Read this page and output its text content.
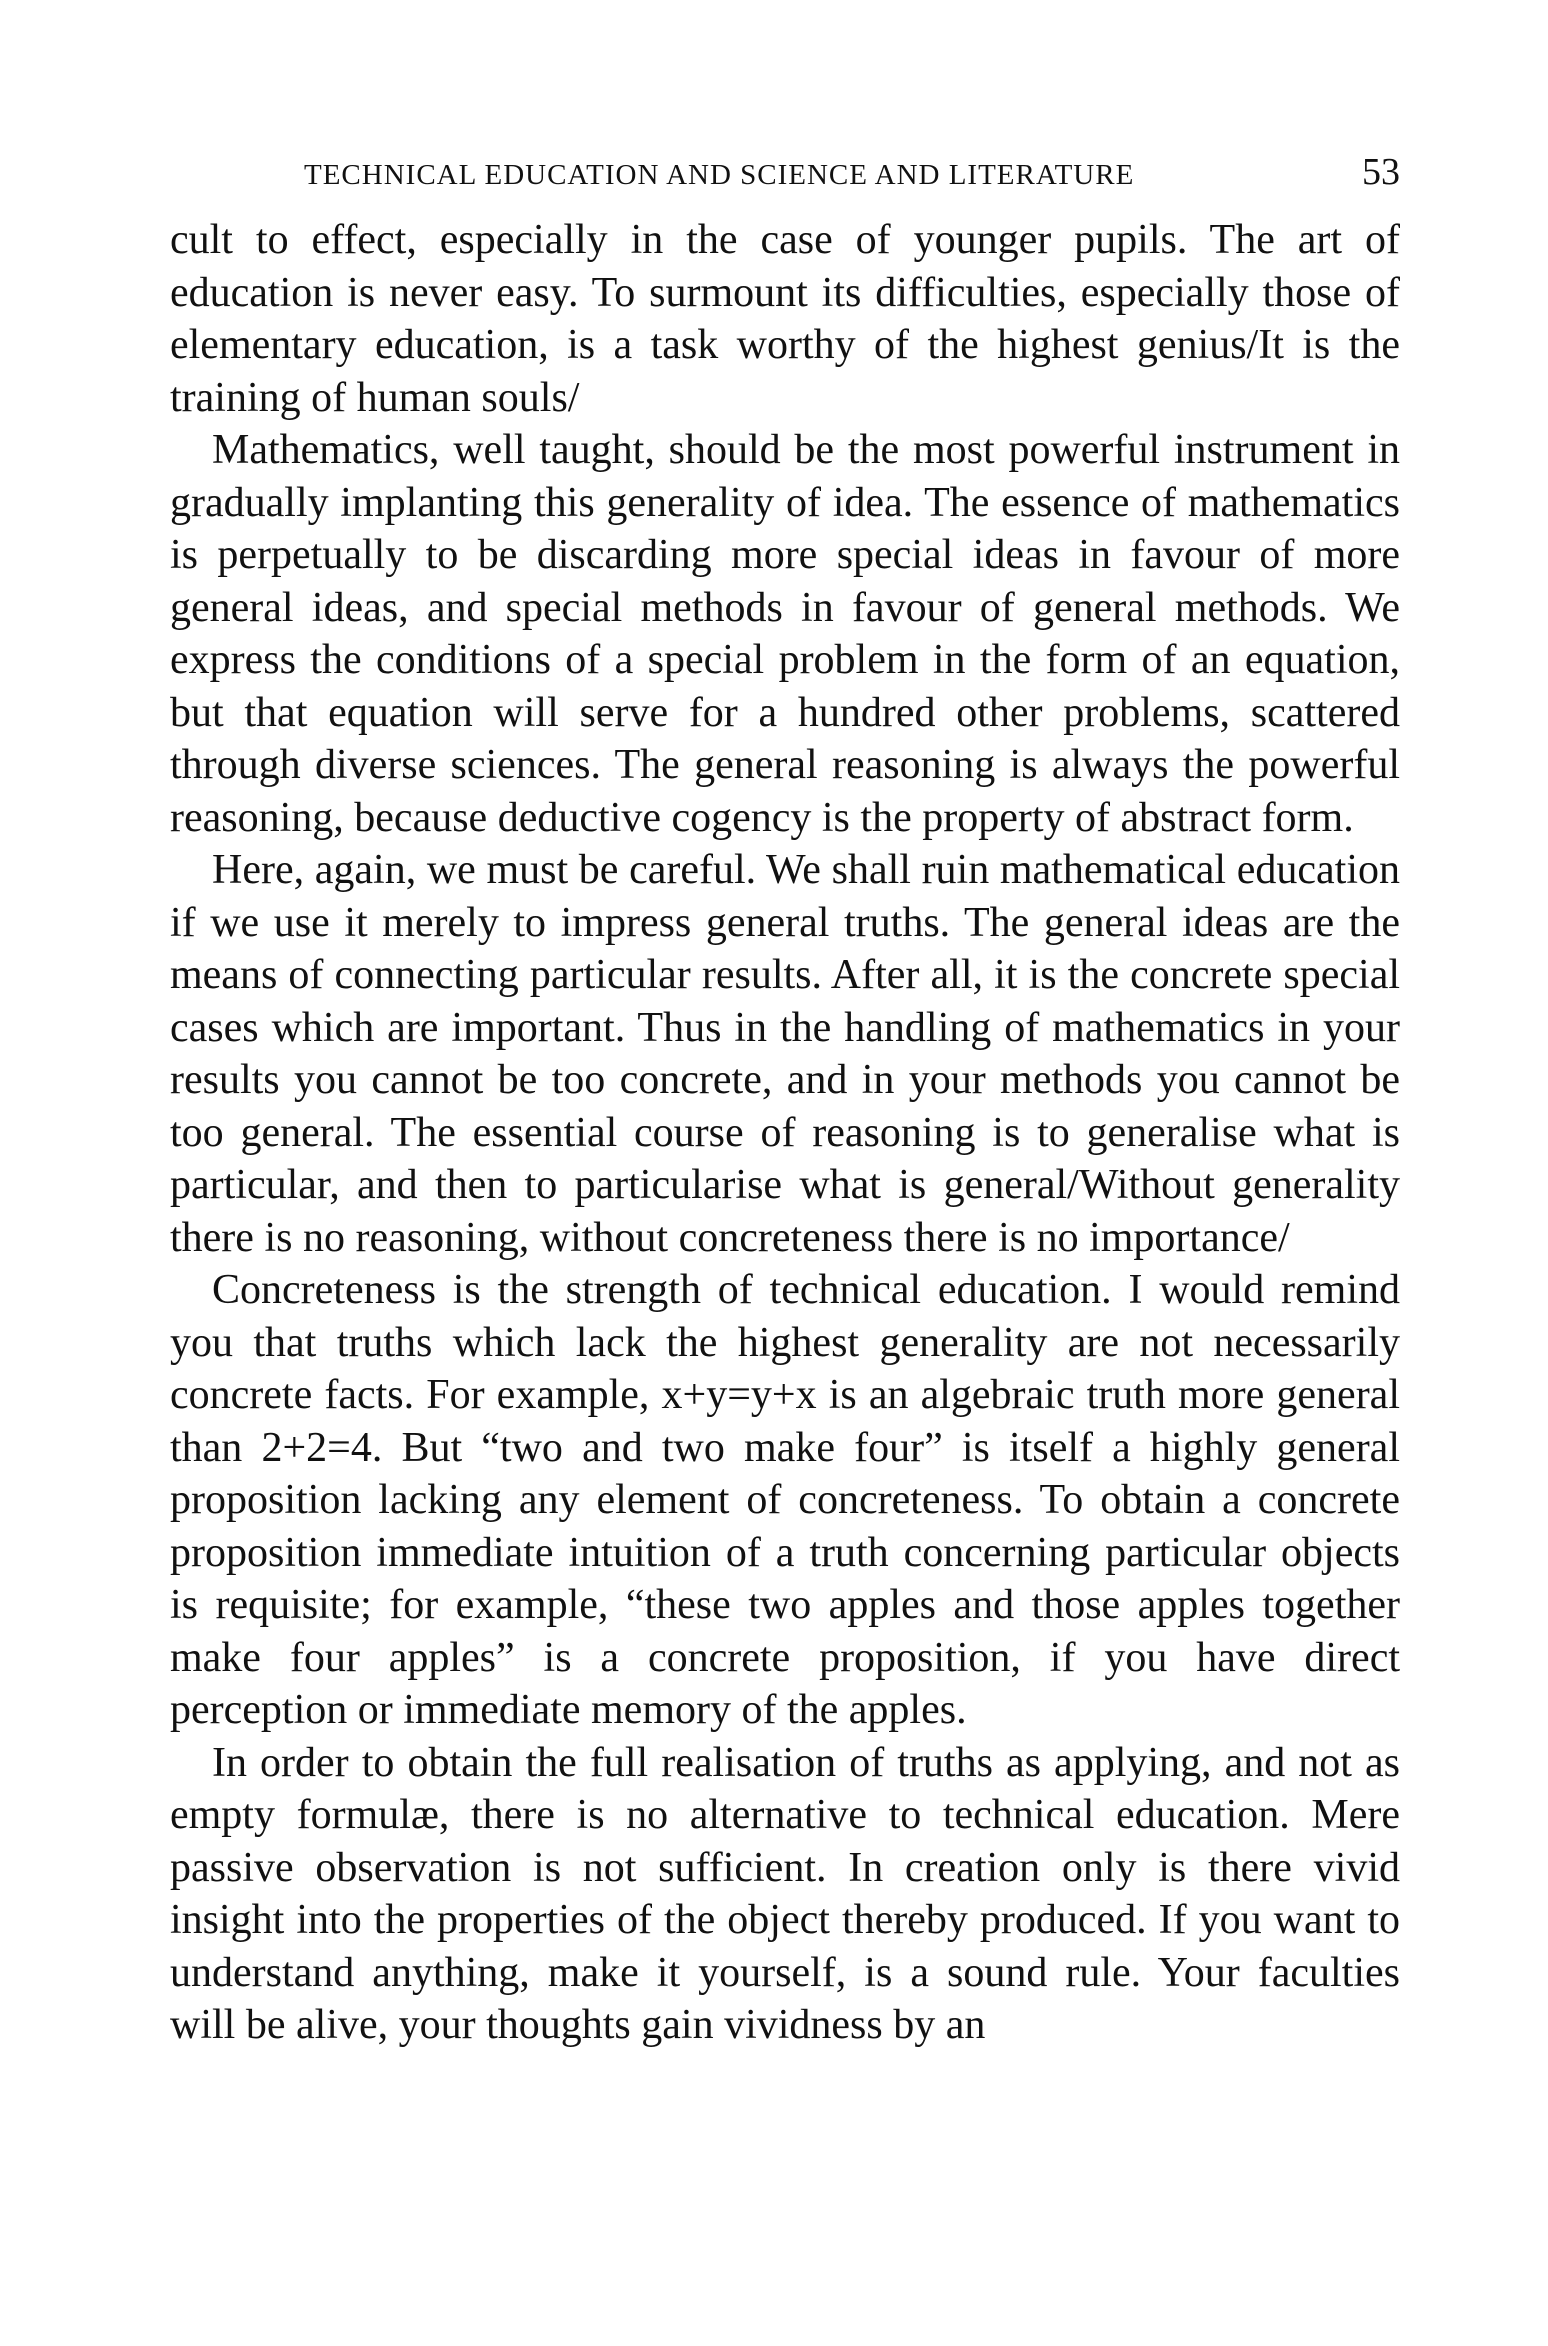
TECHNICAL EDUCATION AND SCIENCE AND LITERATURE	53

cult to effect, especially in the case of younger pupils. The art of education is never easy. To surmount its difficulties, especially those of elementary education, is a task worthy of the highest genius/It is the training of human souls/

Mathematics, well taught, should be the most powerful instrument in gradually implanting this generality of idea. The essence of mathematics is perpetually to be discarding more special ideas in favour of more general ideas, and special methods in favour of general methods. We express the conditions of a special problem in the form of an equation, but that equation will serve for a hundred other problems, scattered through diverse sciences. The general reasoning is always the powerful reasoning, because deductive cogency is the property of abstract form.

Here, again, we must be careful. We shall ruin mathematical education if we use it merely to impress general truths. The general ideas are the means of connecting particular results. After all, it is the concrete special cases which are important. Thus in the handling of mathematics in your results you cannot be too concrete, and in your methods you cannot be too general. The essential course of reasoning is to generalise what is particular, and then to particularise what is general/Without generality there is no reasoning, without concreteness there is no importance/

Concreteness is the strength of technical education. I would remind you that truths which lack the highest generality are not necessarily concrete facts. For example, x+y=y+x is an algebraic truth more general than 2+2=4. But “two and two make four” is itself a highly general proposition lacking any element of concreteness. To obtain a concrete proposition immediate intuition of a truth concerning particular objects is requisite; for example, “these two apples and those apples together make four apples” is a concrete proposition, if you have direct perception or immediate memory of the apples.

In order to obtain the full realisation of truths as applying, and not as empty formulæ, there is no alternative to technical education. Mere passive observation is not sufficient. In creation only is there vivid insight into the properties of the object thereby produced. If you want to understand anything, make it yourself, is a sound rule. Your faculties will be alive, your thoughts gain vividness by an
